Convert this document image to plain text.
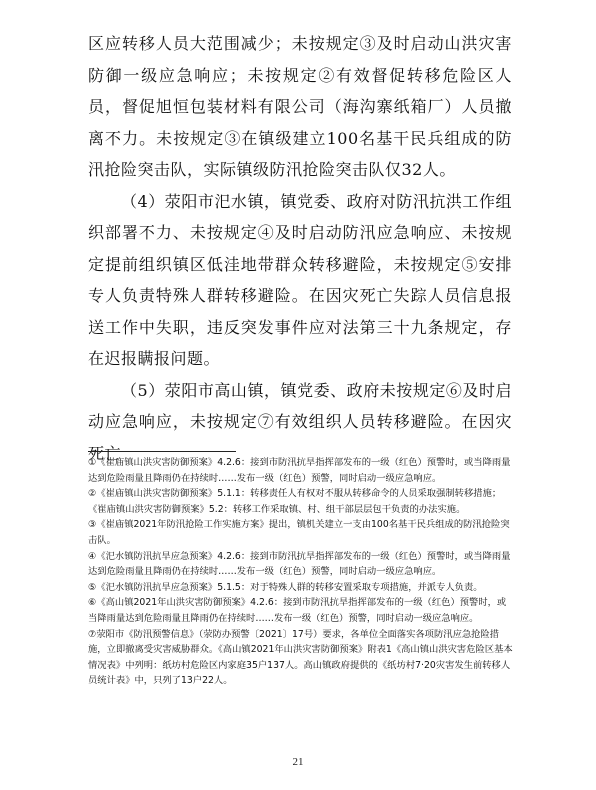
区应转移人员大范围减少；未按规定③及时启动山洪灾害防御一级应急响应；未按规定②有效督促转移危险区人员，督促旭恒包装材料有限公司（海沟寨纸箱厂）人员撤离不力。未按规定③在镇级建立100名基干民兵组成的防汛抢险突击队，实际镇级防汛抢险突击队仅32人。

（4）荥阳市汜水镇，镇党委、政府对防汛抗洪工作组织部署不力、未按规定④及时启动防汛应急响应、未按规定提前组织镇区低洼地带群众转移避险，未按规定⑤安排专人负责特殊人群转移避险。在因灾死亡失踪人员信息报送工作中失职，违反突发事件应对法第三十九条规定，存在迟报瞒报问题。

（5）荥阳市高山镇，镇党委、政府未按规定⑥及时启动应急响应，未按规定⑦有效组织人员转移避险。在因灾死亡

①《崔庙镇山洪灾害防御预案》4.2.6：接到市防汛抗旱指挥部发布的一级（红色）预警时，或当降雨量达到危险雨量且降雨仍在持续时……发布一级（红色）预警，同时启动一级应急响应。

②《崔庙镇山洪灾害防御预案》5.1.1：转移责任人有权对不服从转移命令的人员采取强制转移措施；《崔庙镇山洪灾害防御预案》5.2：转移工作采取镇、村、组干部层层包干负责的办法实施。

③《崔庙镇2021年防汛抢险工作实施方案》提出，镇机关建立一支由100名基干民兵组成的防汛抢险突击队。

④《汜水镇防汛抗旱应急预案》4.2.6：接到市防汛抗旱指挥部发布的一级（红色）预警时，或当降雨量达到危险雨量且降雨仍在持续时……发布一级（红色）预警，同时启动一级应急响应。

⑤《汜水镇防汛抗旱应急预案》5.1.5：对于特殊人群的转移安置采取专项措施，并派专人负责。

⑥《高山镇2021年山洪灾害防御预案》4.2.6：接到市防汛抗旱指挥部发布的一级（红色）预警时，或当降雨量达到危险雨量且降雨仍在持续时……发布一级（红色）预警，同时启动一级应急响应。

⑦荥阳市《防汛预警信息》（荥防办预警〔2021〕17号）要求，各单位全面落实各项防汛应急抢险措施，立即撤离受灾害威胁群众。《高山镇2021年山洪灾害防御预案》附表1《高山镇山洪灾害危险区基本情况表》中列明：纸坊村危险区内家庭35户137人。高山镇政府提供的《纸坊村7·20灾害发生前转移人员统计表》中，只列了13户22人。

21
